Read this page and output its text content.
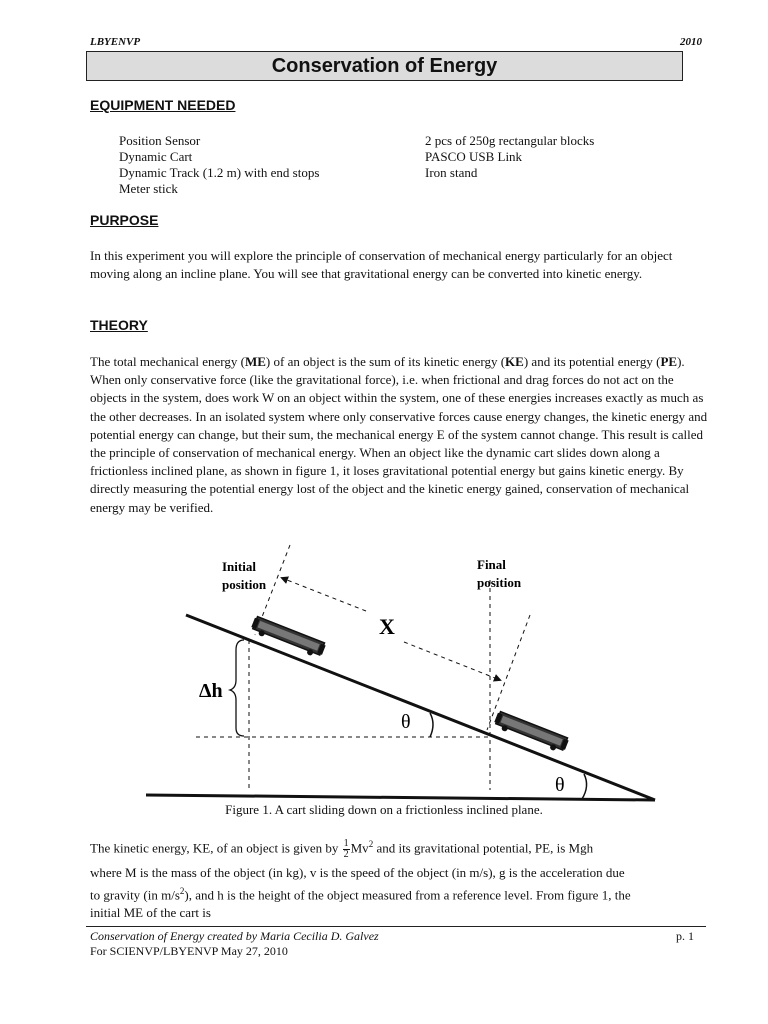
LBYENVP	2010
Conservation of Energy
EQUIPMENT NEEDED
Position Sensor
Dynamic Cart
Dynamic Track (1.2 m) with end stops
Meter stick
2 pcs of 250g rectangular blocks
PASCO USB Link
Iron stand
PURPOSE
In this experiment you will explore the principle of conservation of mechanical energy particularly for an object moving along an incline plane. You will see that gravitational energy can be converted into kinetic energy.
THEORY
The total mechanical energy (ME) of an object is the sum of its kinetic energy (KE) and its potential energy (PE). When only conservative force (like the gravitational force), i.e. when frictional and drag forces do not act on the objects in the system, does work W on an object within the system, one of these energies increases exactly as much as the other decreases. In an isolated system where only conservative forces cause energy changes, the kinetic energy and potential energy can change, but their sum, the mechanical energy E of the system cannot change. This result is called the principle of conservation of mechanical energy. When an object like the dynamic cart slides down along a frictionless inclined plane, as shown in figure 1, it loses gravitational potential energy but gains kinetic energy. By directly measuring the potential energy lost of the object and the kinetic energy gained, conservation of mechanical energy may be verified.
Initial
position
Final
position
X
Δh
θ
θ
Figure 1. A cart sliding down on a frictionless inclined plane.
The kinetic energy, KE, of an object is given by $\frac{1}{2} Mv^2$ and its gravitational potential, PE, is Mgh
where M is the mass of the object (in kg), v is the speed of the object (in m/s), g is the acceleration due
to gravity (in $m/s^2$), and h is the height of the object measured from a reference level. From figure 1, the
initial ME of the cart is
Conservation of Energy created by Maria Cecilia D. Galvez	p. 1
For SCIENVP/LBYENVP May 27, 2010
